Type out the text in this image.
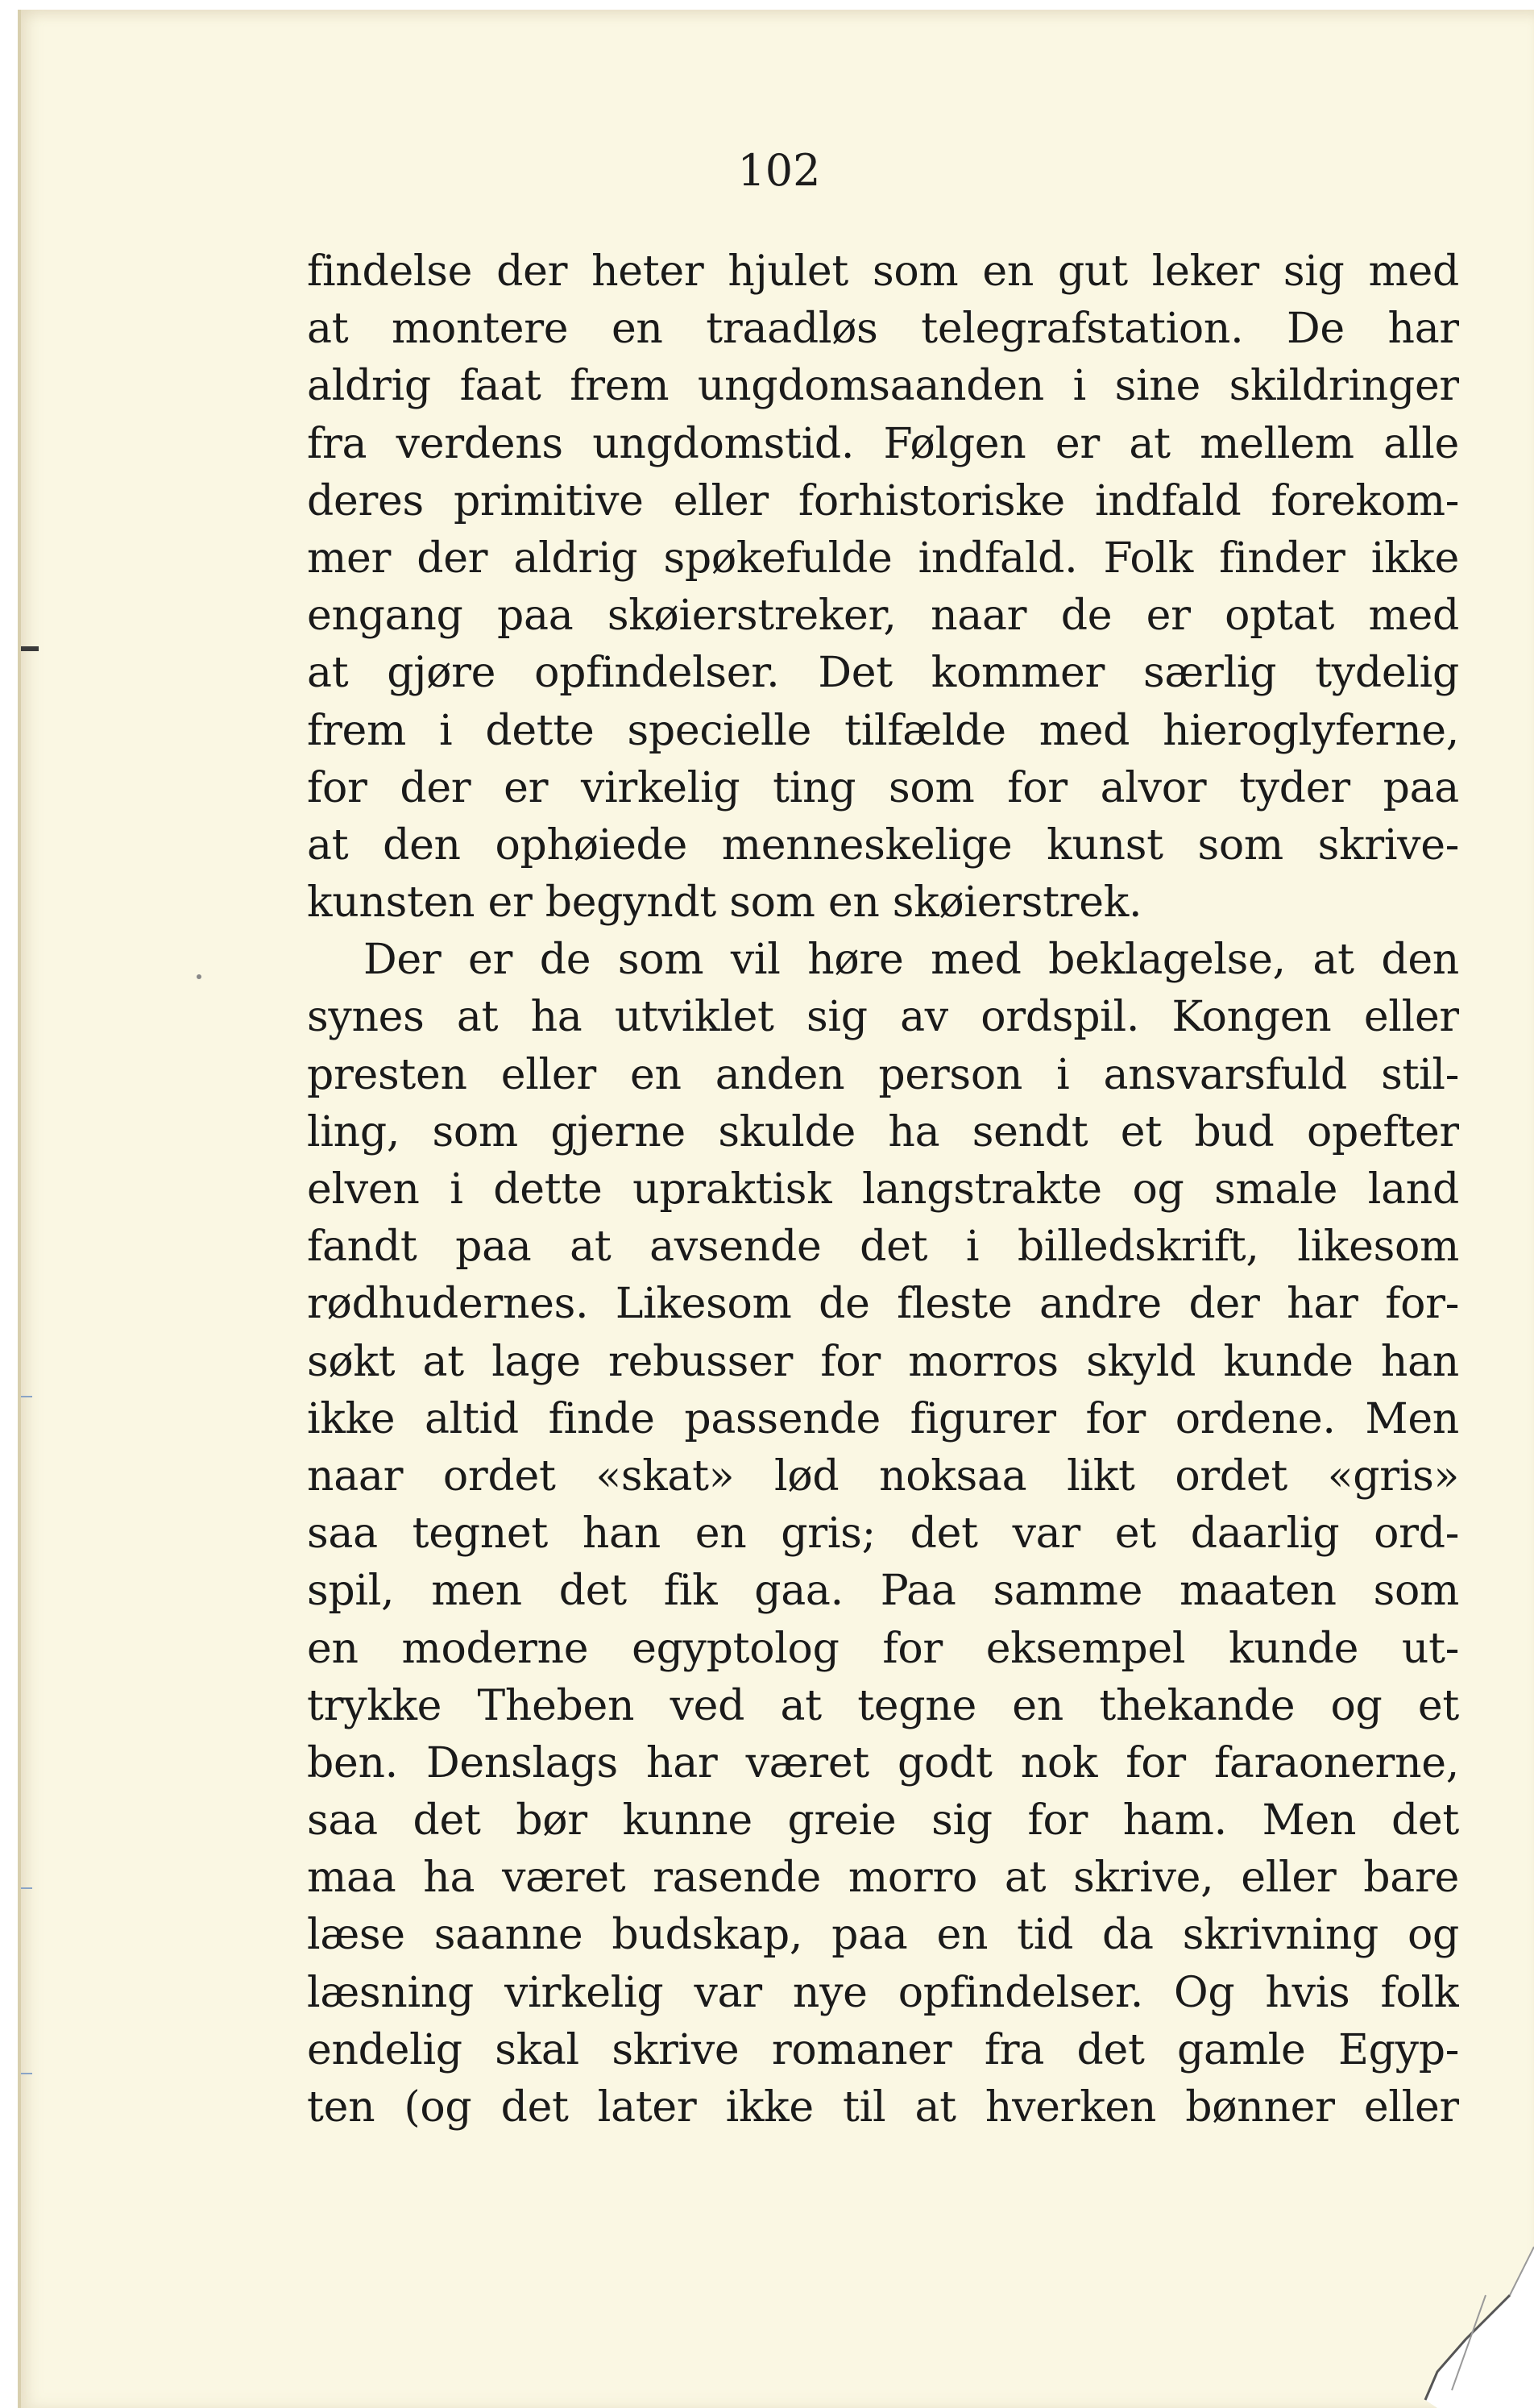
102
findelse der heter hjulet som en gut leker sig med
at montere en traadløs telegrafstation. De har
aldrig faat frem ungdomsaanden i sine skildringer
fra verdens ungdomstid. Følgen er at mellem alle
deres primitive eller forhistoriske indfald forekom-
mer der aldrig spøkefulde indfald. Folk finder ikke
engang paa skøierstreker, naar de er optat med
at gjøre opfindelser. Det kommer særlig tydelig
frem i dette specielle tilfælde med hieroglyferne,
for der er virkelig ting som for alvor tyder paa
at den ophøiede menneskelige kunst som skrive-
kunsten er begyndt som en skøierstrek.
Der er de som vil høre med beklagelse, at den
synes at ha utviklet sig av ordspil. Kongen eller
presten eller en anden person i ansvarsfuld stil-
ling, som gjerne skulde ha sendt et bud opefter
elven i dette upraktisk langstrakte og smale land
fandt paa at avsende det i billedskrift, likesom
rødhudernes. Likesom de fleste andre der har for-
søkt at lage rebusser for morros skyld kunde han
ikke altid finde passende figurer for ordene. Men
naar ordet «skat» lød noksaa likt ordet «gris»
saa tegnet han en gris; det var et daarlig ord-
spil, men det fik gaa. Paa samme maaten som
en moderne egyptolog for eksempel kunde ut-
trykke Theben ved at tegne en thekande og et
ben. Denslags har været godt nok for faraonerne,
saa det bør kunne greie sig for ham. Men det
maa ha været rasende morro at skrive, eller bare
læse saanne budskap, paa en tid da skrivning og
læsning virkelig var nye opfindelser. Og hvis folk
endelig skal skrive romaner fra det gamle Egyp-
ten (og det later ikke til at hverken bønner eller
